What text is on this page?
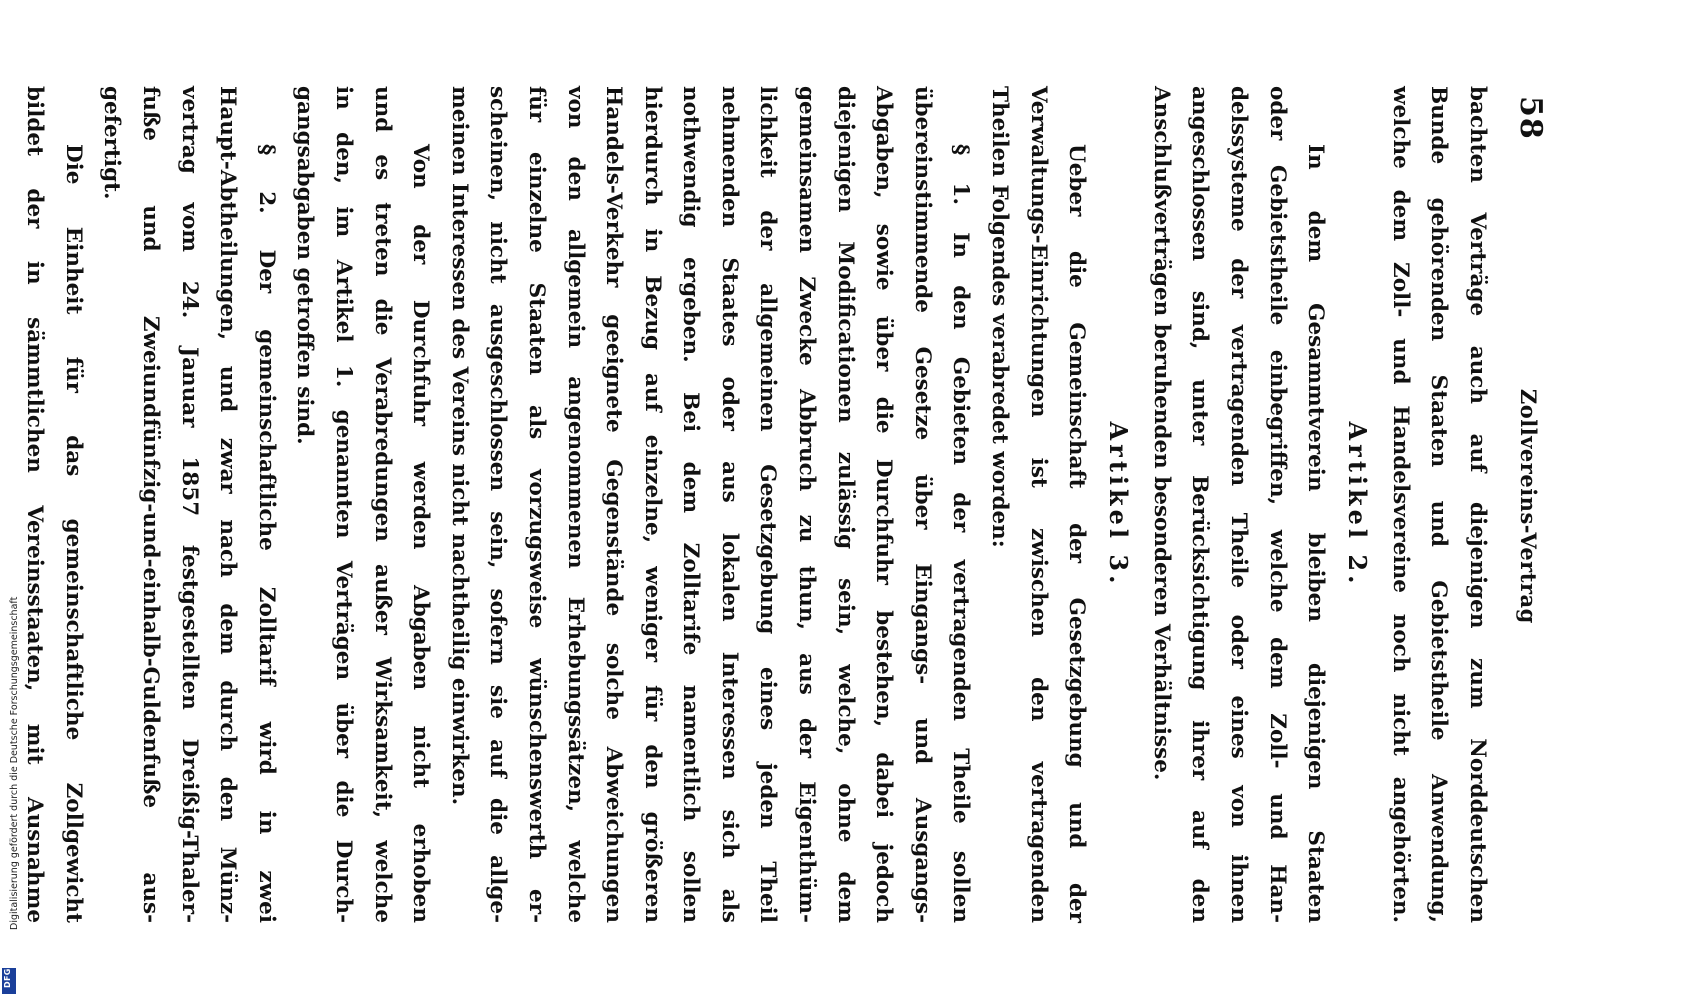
Digitalisierung gefördert durch die Deutsche Forschungsgemeinschaft
DFG
58
Zollvereins-Vertrag
bachten Verträge auch auf diejenigen zum Norddeutschen
Bunde gehörenden Staaten und Gebietstheile Anwendung,
welche dem Zoll- und Handelsvereine noch nicht angehörten.
Artikel 2.
In dem Gesammtverein bleiben diejenigen Staaten
oder Gebietstheile einbegriffen, welche dem Zoll- und Han-
delssysteme der vertragenden Theile oder eines von ihnen
angeschlossen sind, unter Berücksichtigung ihrer auf den
Anschlußverträgen beruhenden besonderen Verhältnisse.
Artikel 3.
Ueber die Gemeinschaft der Gesetzgebung und der
Verwaltungs-Einrichtungen ist zwischen den vertragenden
Theilen Folgendes verabredet worden:
§ 1. In den Gebieten der vertragenden Theile sollen
übereinstimmende Gesetze über Eingangs- und Ausgangs-
Abgaben, sowie über die Durchfuhr bestehen, dabei jedoch
diejenigen Modificationen zulässig sein, welche, ohne dem
gemeinsamen Zwecke Abbruch zu thun, aus der Eigenthüm-
lichkeit der allgemeinen Gesetzgebung eines jeden Theil
nehmenden Staates oder aus lokalen Interessen sich als
nothwendig ergeben. Bei dem Zolltarife namentlich sollen
hierdurch in Bezug auf einzelne, weniger für den größeren
Handels-Verkehr geeignete Gegenstände solche Abweichungen
von den allgemein angenommenen Erhebungssätzen, welche
für einzelne Staaten als vorzugsweise wünschenswerth er-
scheinen, nicht ausgeschlossen sein, sofern sie auf die allge-
meinen Interessen des Vereins nicht nachtheilig einwirken.
Von der Durchfuhr werden Abgaben nicht erhoben
und es treten die Verabredungen außer Wirksamkeit, welche
in den, im Artikel 1. genannten Verträgen über die Durch-
gangsabgaben getroffen sind.
§ 2. Der gemeinschaftliche Zolltarif wird in zwei
Haupt-Abtheilungen, und zwar nach dem durch den Münz-
vertrag vom 24. Januar 1857 festgestellten Dreißig-Thaler-
fuße und Zweiundfünfzig-und-einhalb-Guldenfuße aus-
gefertigt.
Die Einheit für das gemeinschaftliche Zollgewicht
bildet der in sämmtlichen Vereinsstaaten, mit Ausnahme
